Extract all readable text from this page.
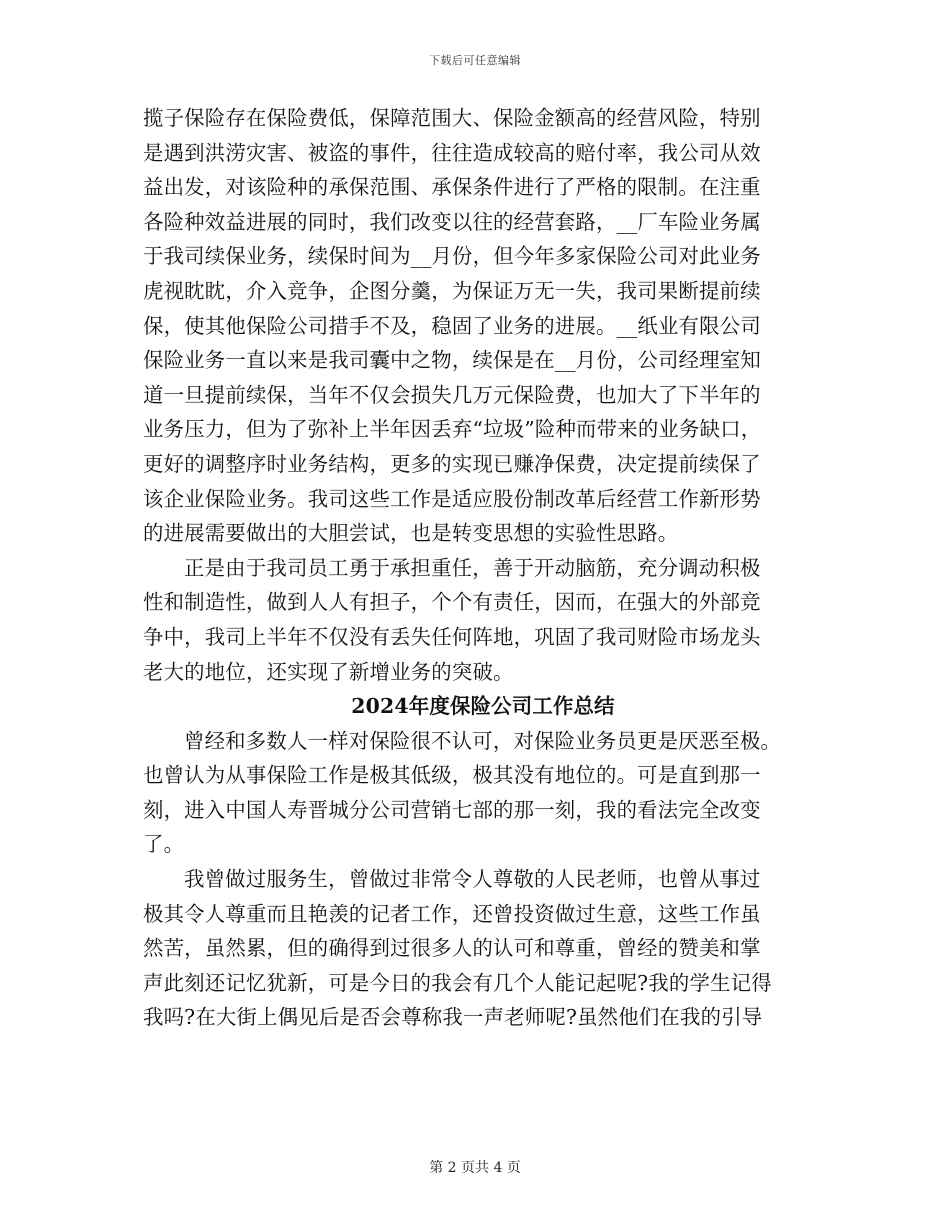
下载后可任意编辑
揽子保险存在保险费低，保障范围大、保险金额高的经营风险，特别
是遇到洪涝灾害、被盗的事件，往往造成较高的赔付率，我公司从效
益出发，对该险种的承保范围、承保条件进行了严格的限制。在注重
各险种效益进展的同时，我们改变以往的经营套路，__厂车险业务属
于我司续保业务，续保时间为__月份，但今年多家保险公司对此业务
虎视眈眈，介入竞争，企图分羹，为保证万无一失，我司果断提前续
保，使其他保险公司措手不及，稳固了业务的进展。__纸业有限公司
保险业务一直以来是我司囊中之物，续保是在__月份，公司经理室知
道一旦提前续保，当年不仅会损失几万元保险费，也加大了下半年的
业务压力，但为了弥补上半年因丢弃“垃圾”险种而带来的业务缺口，
更好的调整序时业务结构，更多的实现已赚净保费，决定提前续保了
该企业保险业务。我司这些工作是适应股份制改革后经营工作新形势
的进展需要做出的大胆尝试，也是转变思想的实验性思路。
正是由于我司员工勇于承担重任，善于开动脑筋，充分调动积极
性和制造性，做到人人有担子，个个有责任，因而，在强大的外部竞
争中，我司上半年不仅没有丢失任何阵地，巩固了我司财险市场龙头
老大的地位，还实现了新增业务的突破。
2024年度保险公司工作总结
曾经和多数人一样对保险很不认可，对保险业务员更是厌恶至极。
也曾认为从事保险工作是极其低级，极其没有地位的。可是直到那一
刻，进入中国人寿晋城分公司营销七部的那一刻，我的看法完全改变
了。
我曾做过服务生，曾做过非常令人尊敬的人民老师，也曾从事过
极其令人尊重而且艳羡的记者工作，还曾投资做过生意，这些工作虽
然苦，虽然累，但的确得到过很多人的认可和尊重，曾经的赞美和掌
声此刻还记忆犹新，可是今日的我会有几个人能记起呢?我的学生记得
我吗?在大街上偶见后是否会尊称我一声老师呢?虽然他们在我的引导
第 2 页共 4 页
